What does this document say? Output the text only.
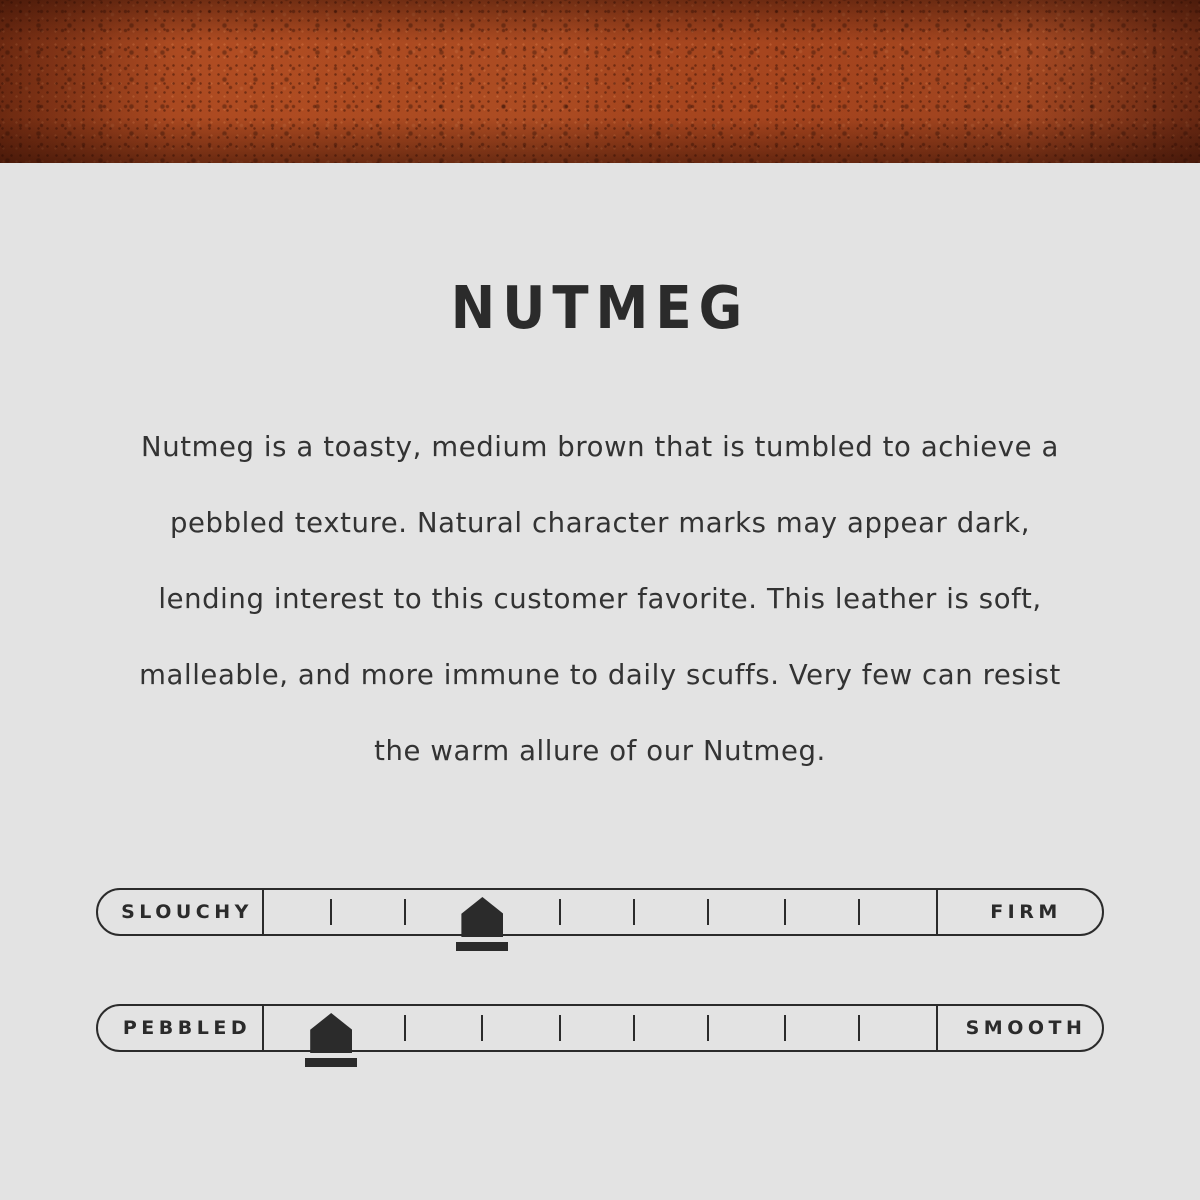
NUTMEG

Nutmeg is a toasty, medium brown that is tumbled to achieve a pebbled texture. Natural character marks may appear dark, lending interest to this customer favorite. This leather is soft, malleable, and more immune to daily scuffs. Very few can resist the warm allure of our Nutmeg.

SLOUCHY	FIRM
PEBBLED	SMOOTH
